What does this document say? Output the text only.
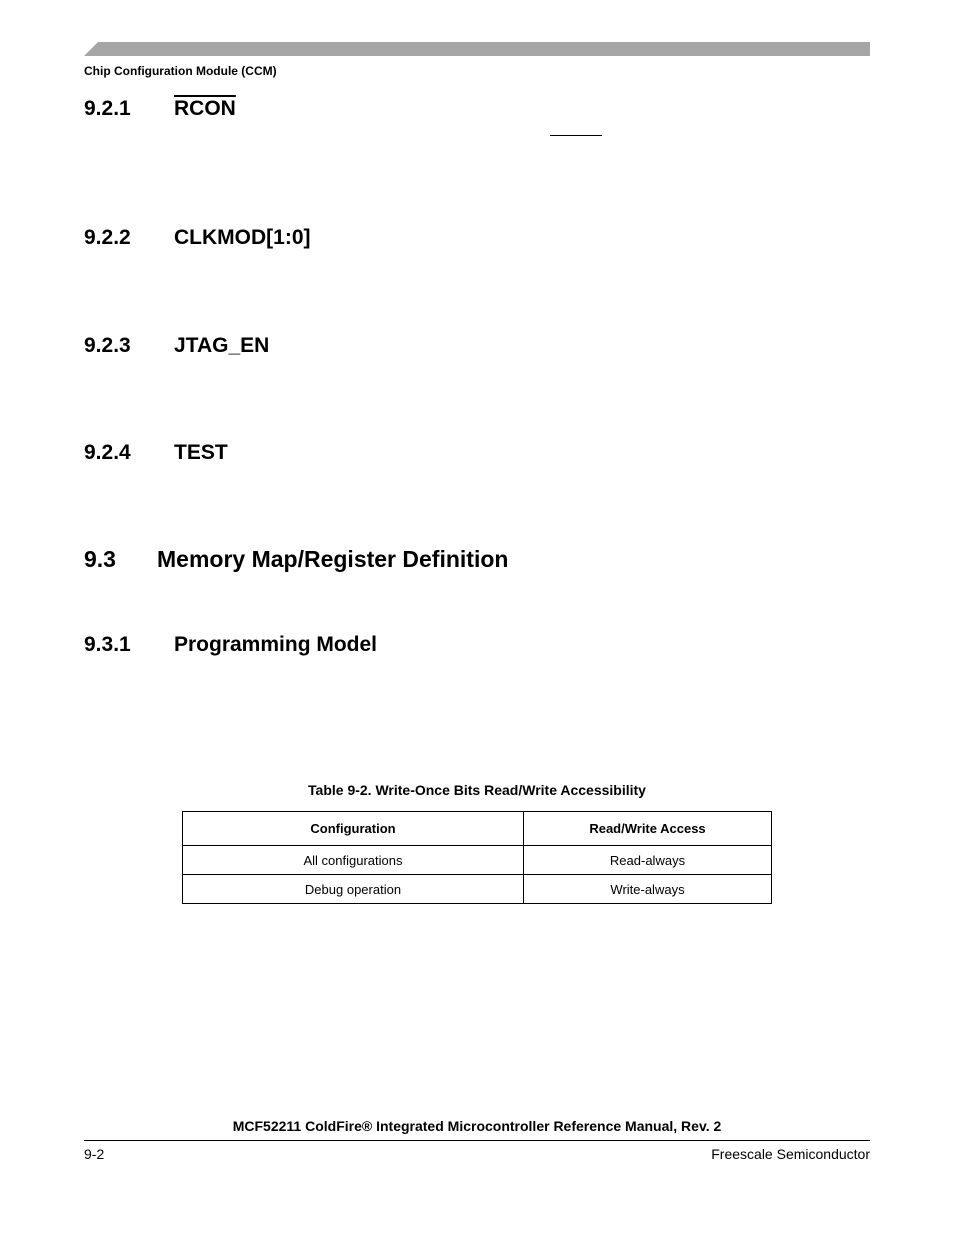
Chip Configuration Module (CCM)
9.2.1 RCON
9.2.2 CLKMOD[1:0]
9.2.3 JTAG_EN
9.2.4 TEST
9.3 Memory Map/Register Definition
9.3.1 Programming Model
Table 9-2. Write-Once Bits Read/Write Accessibility
Configuration	Read/Write Access
All configurations	Read-always
Debug operation	Write-always
MCF52211 ColdFire® Integrated Microcontroller Reference Manual, Rev. 2
9-2	Freescale Semiconductor
